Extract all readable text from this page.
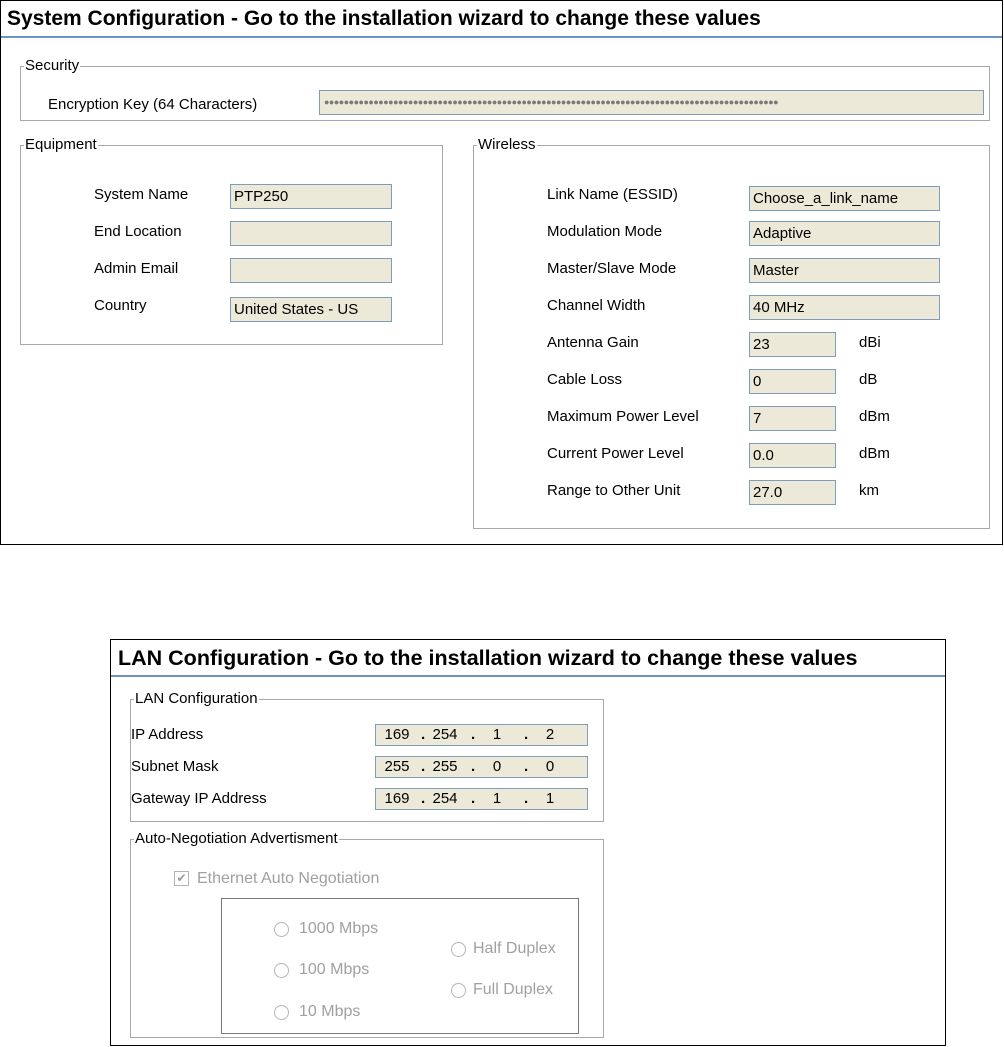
System Configuration - Go to the installation wizard to change these values
Security
Encryption Key (64 Characters)	●●●●●●●●●●●●●●●●●●●●●●●●●●●●●●●●●●●●●●●●●●●●●●●●●●●●●●●●●●●●●●●●●●●●●●●●●●●●●●●●●●●●●●●●●●●●
Equipment
System Name	PTP250
End Location
Admin Email
Country	United States - US
Wireless
Link Name (ESSID)	Choose_a_link_name
Modulation Mode	Adaptive
Master/Slave Mode	Master
Channel Width	40 MHz
Antenna Gain	23	dBi
Cable Loss	0	dB
Maximum Power Level	7	dBm
Current Power Level	0.0	dBm
Range to Other Unit	27.0	km
LAN Configuration - Go to the installation wizard to change these values
LAN Configuration
IP Address	169 . 254 .	1	.	2
Subnet Mask	255 . 255 .	0	.	0
Gateway IP Address	169 . 254 .	1	.	1
Auto-Negotiation Advertisment
✔ Ethernet Auto Negotiation
1000 Mbps
100 Mbps
10 Mbps
Half Duplex
Full Duplex
